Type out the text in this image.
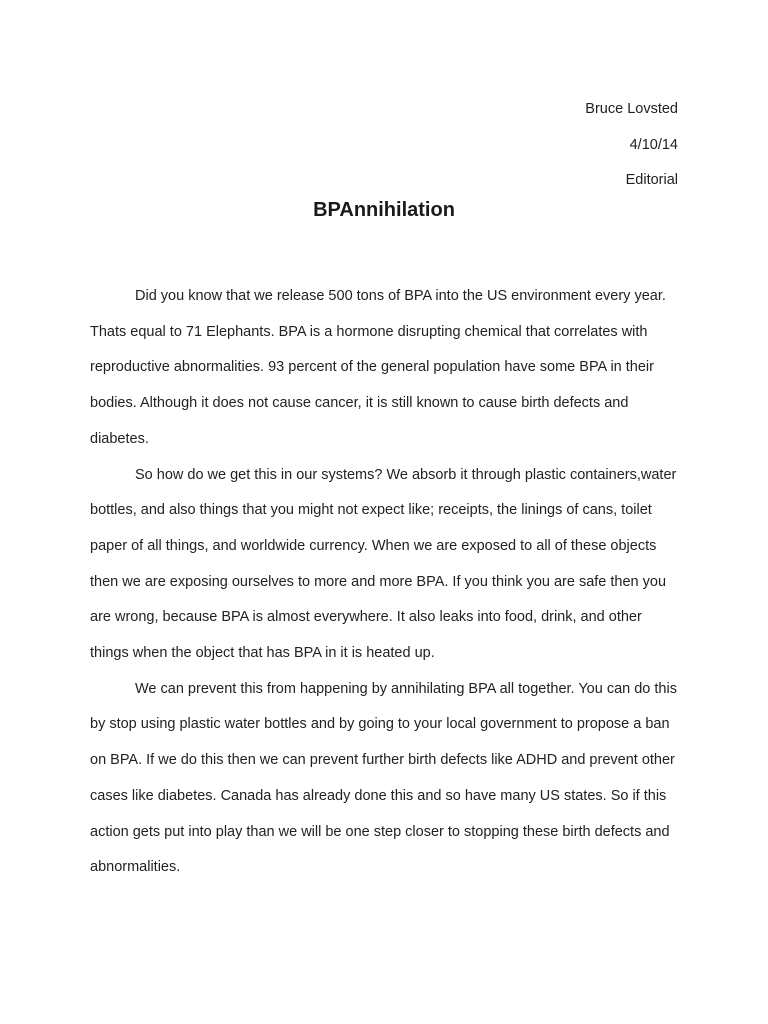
Bruce Lovsted
4/10/14
Editorial
BPAnnihilation

Did you know that we release 500 tons of BPA into the US environment every year. Thats equal to 71 Elephants. BPA is a hormone disrupting chemical that correlates with reproductive abnormalities. 93 percent of the general population have some BPA in their bodies. Although it does not cause cancer, it is still known to cause birth defects and diabetes.

So how do we get this in our systems? We absorb it through plastic containers,water bottles, and also things that you might not expect like; receipts, the linings of cans, toilet paper of all things, and worldwide currency. When we are exposed to all of these objects then we are exposing ourselves to more and more BPA. If you think you are safe then you are wrong, because BPA is almost everywhere. It also leaks into food, drink, and other things when the object that has BPA in it is heated up.

We can prevent this from happening by annihilating BPA all together. You can do this by stop using plastic water bottles and by going to your local government to propose a ban on BPA. If we do this then we can prevent further birth defects like ADHD and prevent other cases like diabetes. Canada has already done this and so have many US states. So if this action gets put into play than we will be one step closer to stopping these birth defects and abnormalities.
